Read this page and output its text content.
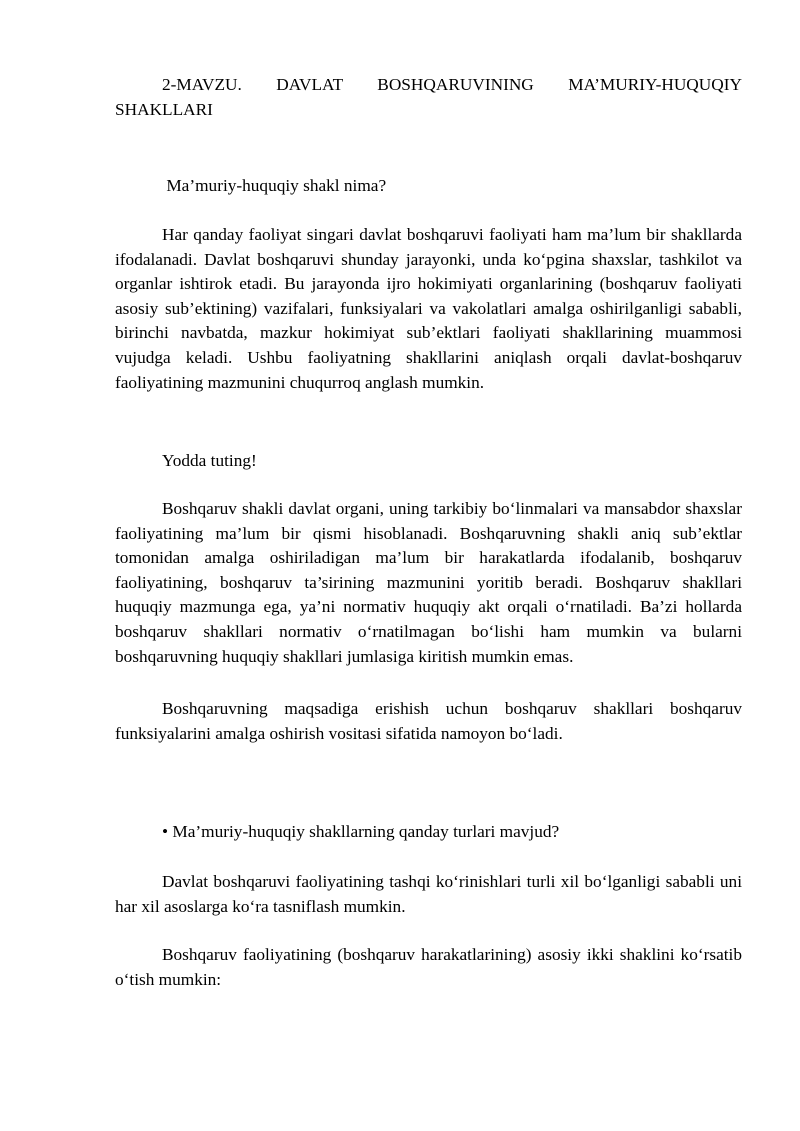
2-MAVZU. DAVLAT BOSHQARUVINING MA’MURIY-HUQUQIY SHAKLLARI

Ma’muriy-huquqiy shakl nima?

Har qanday faoliyat singari davlat boshqaruvi faoliyati ham ma’lum bir shakllarda ifodalanadi. Davlat boshqaruvi shunday jarayonki, unda ko‘pgina shaxslar, tashkilot va organlar ishtirok etadi. Bu jarayonda ijro hokimiyati organlarining (boshqaruv faoliyati asosiy sub’ektining) vazifalari, funksiyalari va vakolatlari amalga oshirilganligi sababli, birinchi navbatda, mazkur hokimiyat sub’ektlari faoliyati shakllarining muammosi vujudga keladi. Ushbu faoliyatning shakllarini aniqlash orqali davlat-boshqaruv faoliyatining mazmunini chuqurroq anglash mumkin.

Yodda tuting!

Boshqaruv shakli davlat organi, uning tarkibiy bo‘linmalari va mansabdor shaxslar faoliyatining ma’lum bir qismi hisoblanadi. Boshqaruvning shakli aniq sub’ektlar tomonidan amalga oshiriladigan ma’lum bir harakatlarda ifodalanib, boshqaruv faoliyatining, boshqaruv ta’sirining mazmunini yoritib beradi. Boshqaruv shakllari huquqiy mazmunga ega, ya’ni normativ huquqiy akt orqali o‘rnatiladi. Ba’zi hollarda boshqaruv shakllari normativ o‘rnatilmagan bo‘lishi ham mumkin va bularni boshqaruvning huquqiy shakllari jumlasiga kiritish mumkin emas.

Boshqaruvning maqsadiga erishish uchun boshqaruv shakllari boshqaruv funksiyalarini amalga oshirish vositasi sifatida namoyon bo‘ladi.

• Ma’muriy-huquqiy shakllarning qanday turlari mavjud?

Davlat boshqaruvi faoliyatining tashqi ko‘rinishlari turli xil bo‘lganligi sababli uni har xil asoslarga ko‘ra tasniflash mumkin.

Boshqaruv faoliyatining (boshqaruv harakatlarining) asosiy ikki shaklini ko‘rsatib o‘tish mumkin:
